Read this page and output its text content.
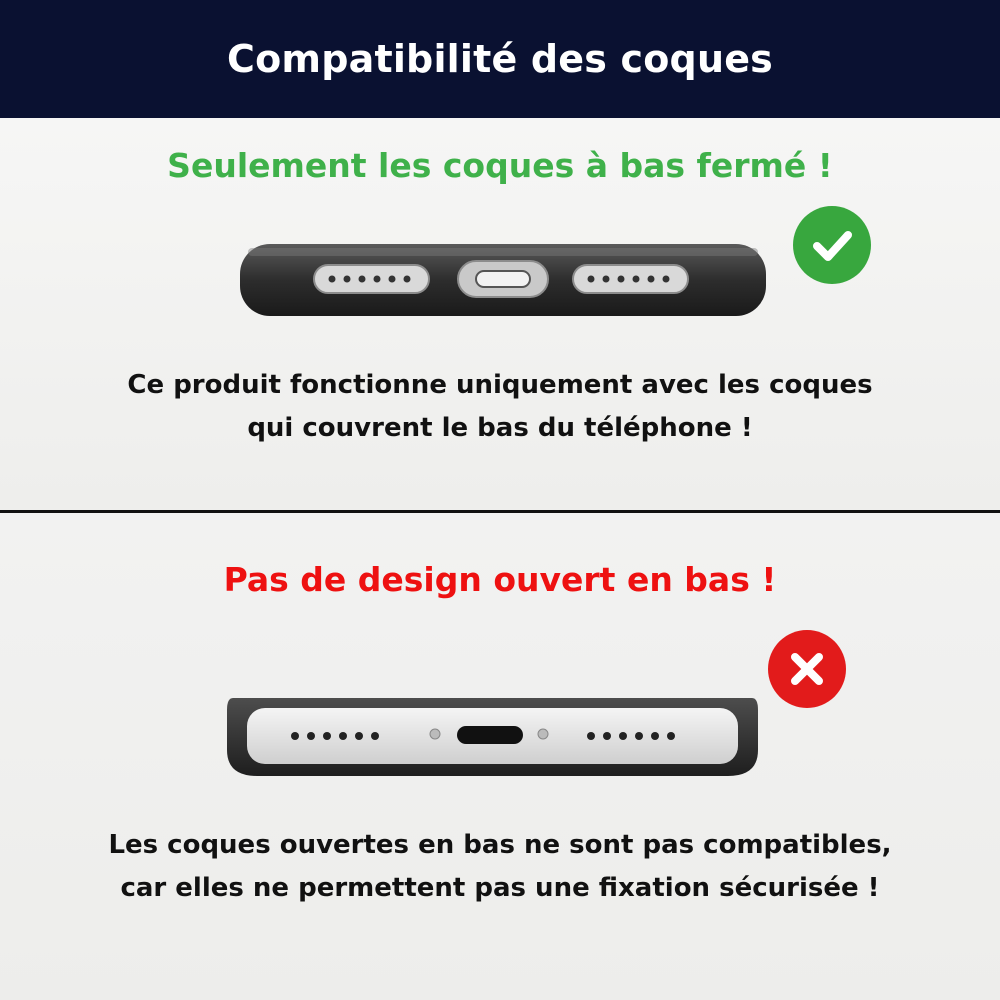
Compatibilité des coques

Seulement les coques à bas fermé !

Ce produit fonctionne uniquement avec les coques qui couvrent le bas du téléphone !

Pas de design ouvert en bas !

Les coques ouvertes en bas ne sont pas compatibles, car elles ne permettent pas une fixation sécurisée !
